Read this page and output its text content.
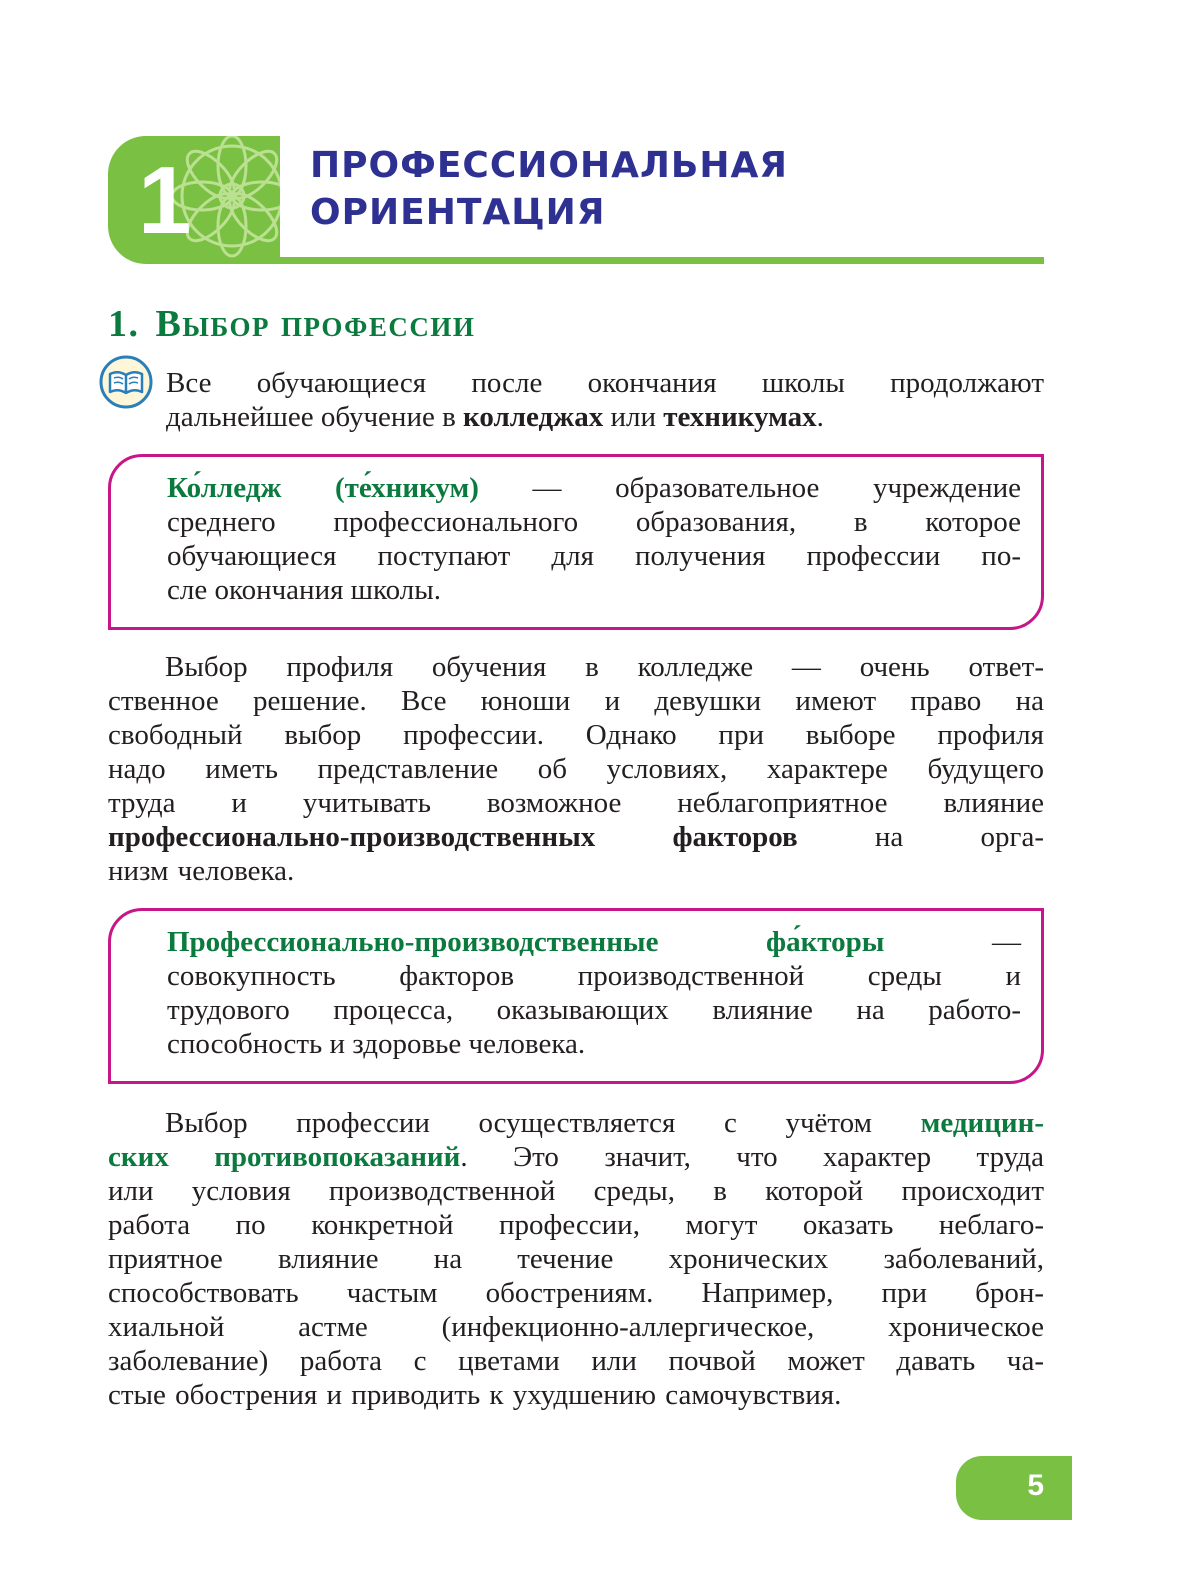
1	ПРОФЕССИОНАЛЬНАЯ
ОРИЕНТАЦИЯ
1. Выбор профессии
Все обучающиеся после окончания школы продолжают
дальнейшее обучение в колледжах или техникумах.
Ко́лледж (те́хникум) — образовательное учреждение
среднего профессионального образования, в которое
обучающиеся поступают для получения профессии по-
сле окончания школы.
Выбор профиля обучения в колледже — очень ответ-
ственное решение. Все юноши и девушки имеют право на
свободный выбор профессии. Однако при выборе профиля
надо иметь представление об условиях, характере будущего
труда и учитывать возможное неблагоприятное влияние
профессионально-производственных факторов на орга-
низм человека.
Профессионально-производственные фа́кторы —
совокупность факторов производственной среды и
трудового процесса, оказывающих влияние на работо-
способность и здоровье человека.
Выбор профессии осуществляется с учётом медицин-
ских противопоказаний. Это значит, что характер труда
или условия производственной среды, в которой происходит
работа по конкретной профессии, могут оказать неблаго-
приятное влияние на течение хронических заболеваний,
способствовать частым обострениям. Например, при брон-
хиальной астме (инфекционно-аллергическое, хроническое
заболевание) работа с цветами или почвой может давать ча-
стые обострения и приводить к ухудшению самочувствия.
5
